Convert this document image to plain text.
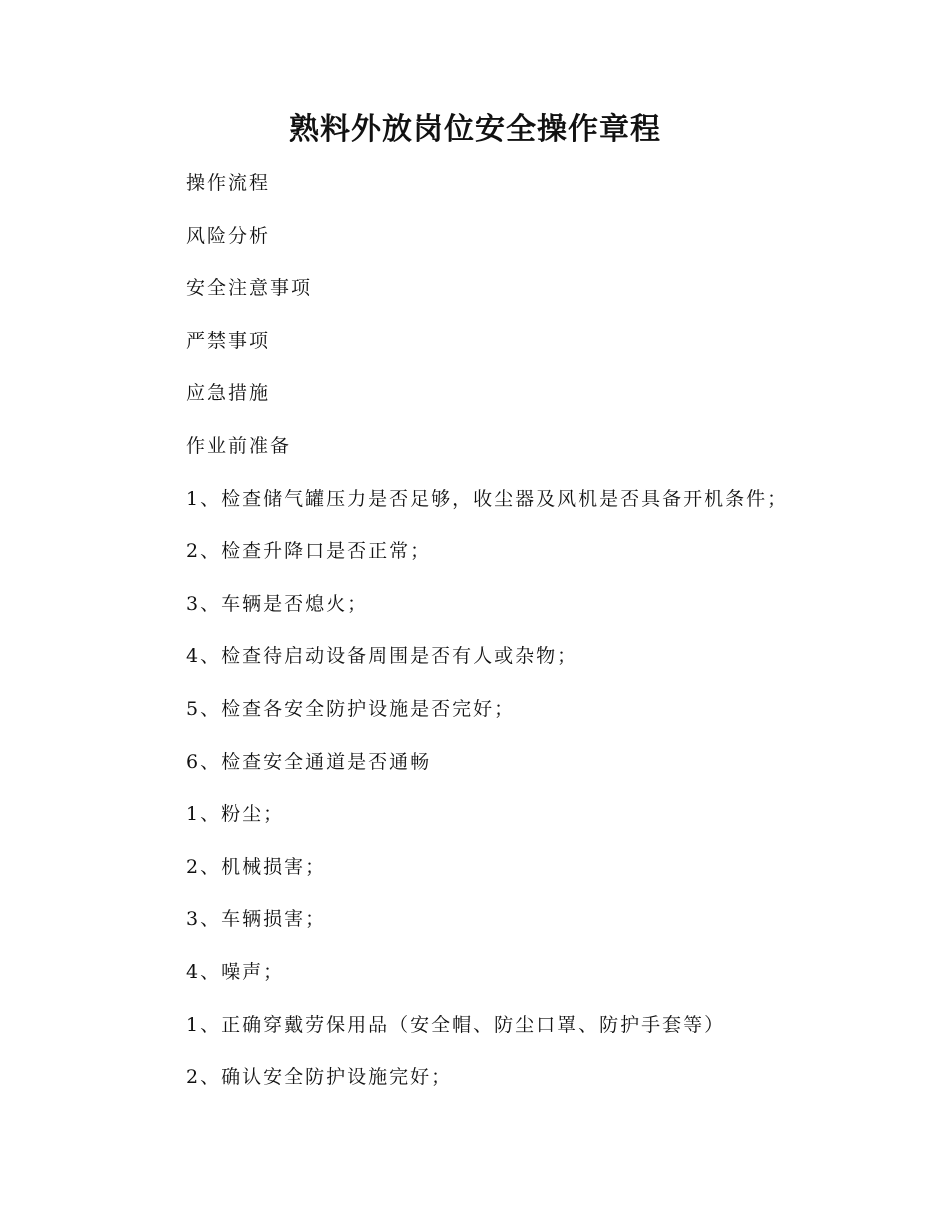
熟料外放岗位安全操作章程
操作流程
风险分析
安全注意事项
严禁事项
应急措施
作业前准备
1、检查储气罐压力是否足够，收尘器及风机是否具备开机条件；
2、检查升降口是否正常；
3、车辆是否熄火；
4、检查待启动设备周围是否有人或杂物；
5、检查各安全防护设施是否完好；
6、检查安全通道是否通畅
1、粉尘；
2、机械损害；
3、车辆损害；
4、噪声；
1、正确穿戴劳保用品（安全帽、防尘口罩、防护手套等）
2、确认安全防护设施完好；
